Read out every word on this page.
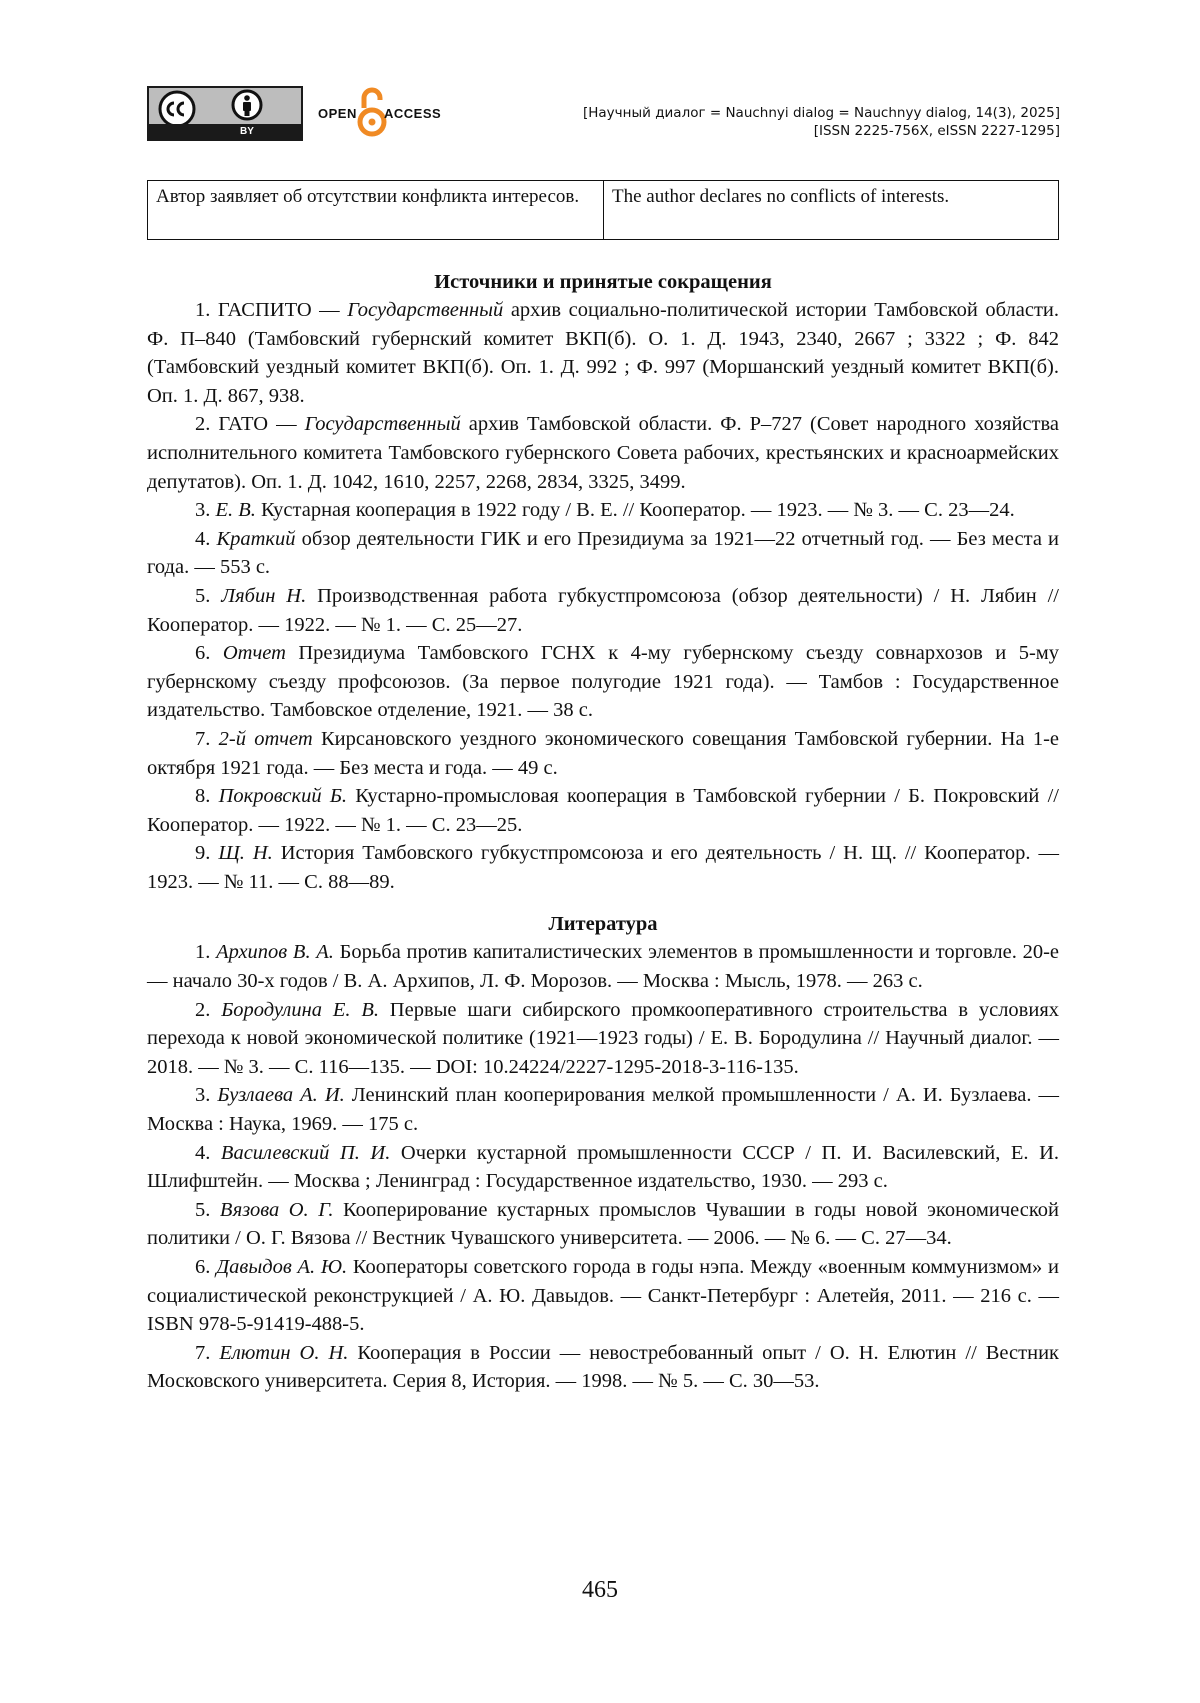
BY
OPEN ACCESS	[Научный диалог = Nauchnyi dialog = Nauchnyy dialog, 14(3), 2025]
[ISSN 2225-756X, eISSN 2227-1295]
Автор заявляет об отсутствии конфликта интересов.	The author declares no conflicts of interests.
Источники и принятые сокращения

1. ГАСПИТО — Государственный архив социально-политической истории Тамбовской области. Ф. П–840 (Тамбовский губернский комитет ВКП(б). О. 1. Д. 1943, 2340, 2667 ; 3322 ; Ф. 842 (Тамбовский уездный комитет ВКП(б). Оп. 1. Д. 992 ; Ф. 997 (Моршанский уездный комитет ВКП(б). Оп. 1. Д. 867, 938.

2. ГАТО — Государственный архив Тамбовской области. Ф. Р–727 (Совет народного хозяйства исполнительного комитета Тамбовского губернского Совета рабочих, крестьянских и красноармейских депутатов). Оп. 1. Д. 1042, 1610, 2257, 2268, 2834, 3325, 3499.

3. Е. В. Кустарная кооперация в 1922 году / В. Е. // Кооператор. — 1923. — № 3. — С. 23—24.

4. Краткий обзор деятельности ГИК и его Президиума за 1921—22 отчетный год. — Без места и года. — 553 с.

5. Лябин Н. Производственная работа губкустпромсоюза (обзор деятельности) / Н. Лябин // Кооператор. — 1922. — № 1. — С. 25—27.

6. Отчет Президиума Тамбовского ГСНХ к 4-му губернскому съезду совнархозов и 5-му губернскому съезду профсоюзов. (За первое полугодие 1921 года). — Тамбов : Государственное издательство. Тамбовское отделение, 1921. — 38 с.

7. 2-й отчет Кирсановского уездного экономического совещания Тамбовской губернии. На 1-е октября 1921 года. — Без места и года. — 49 с.

8. Покровский Б. Кустарно-промысловая кооперация в Тамбовской губернии / Б. Покровский // Кооператор. — 1922. — № 1. — С. 23—25.

9. Щ. Н. История Тамбовского губкустпромсоюза и его деятельность / Н. Щ. // Кооператор. — 1923. — № 11. — С. 88—89.

Литература

1. Архипов В. А. Борьба против капиталистических элементов в промышленности и торговле. 20-е — начало 30-х годов / В. А. Архипов, Л. Ф. Морозов. — Москва : Мысль, 1978. — 263 с.

2. Бородулина Е. В. Первые шаги сибирского промкооперативного строительства в условиях перехода к новой экономической политике (1921—1923 годы) / Е. В. Бородулина // Научный диалог. — 2018. — № 3. — С. 116—135. — DOI: 10.24224/2227-1295-2018-3-116-135.

3. Бузлаева А. И. Ленинский план кооперирования мелкой промышленности / А. И. Бузлаева. — Москва : Наука, 1969. — 175 с.

4. Василевский П. И. Очерки кустарной промышленности СССР / П. И. Василевский, Е. И. Шлифштейн. — Москва ; Ленинград : Государственное издательство, 1930. — 293 с.

5. Вязова О. Г. Кооперирование кустарных промыслов Чувашии в годы новой экономической политики / О. Г. Вязова // Вестник Чувашского университета. — 2006. — № 6. — С. 27—34.

6. Давыдов А. Ю. Кооператоры советского города в годы нэпа. Между «военным коммунизмом» и социалистической реконструкцией / А. Ю. Давыдов. — Санкт-Петербург : Алетейя, 2011. — 216 с. — ISBN 978-5-91419-488-5.

7. Елютин О. Н. Кооперация в России — невостребованный опыт / О. Н. Елютин // Вестник Московского университета. Серия 8, История. — 1998. — № 5. — С. 30—53.

465
